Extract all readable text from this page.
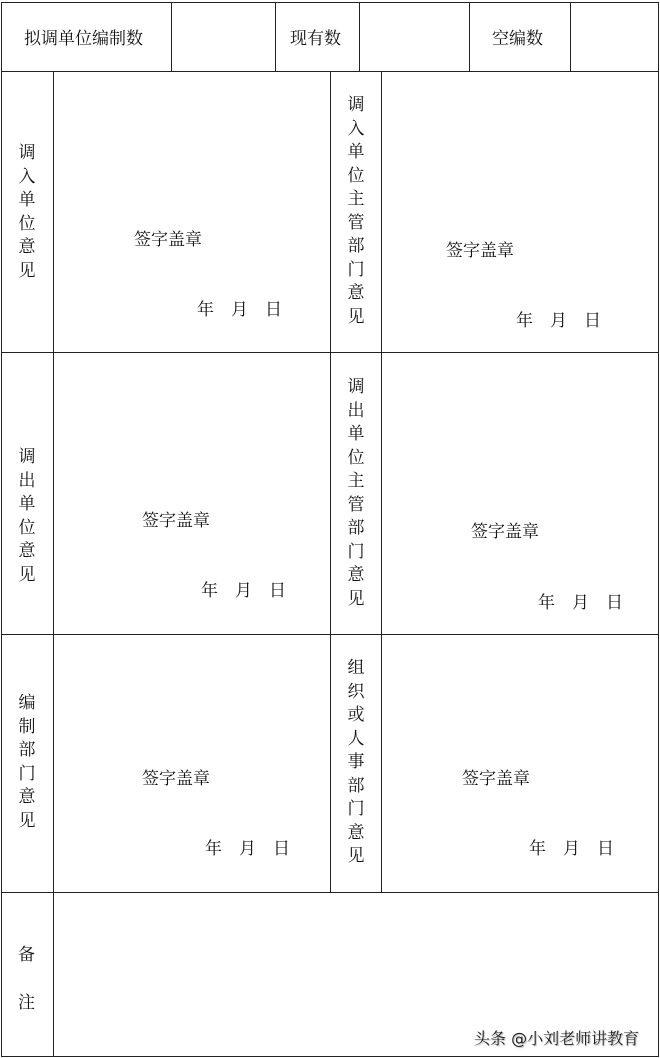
拟调单位编制数	现有数	空编数
调入单位意见
签字盖章
年　月　日
调入单位主管部门意见
签字盖章
年　月　日
调出单位意见
签字盖章
年　月　日
调出单位主管部门意见
签字盖章
年　月　日
编制部门意见
签字盖章
年　月　日
组织或人事部门意见
签字盖章
年　月　日
备
注
头条 @小刘老师讲教育
